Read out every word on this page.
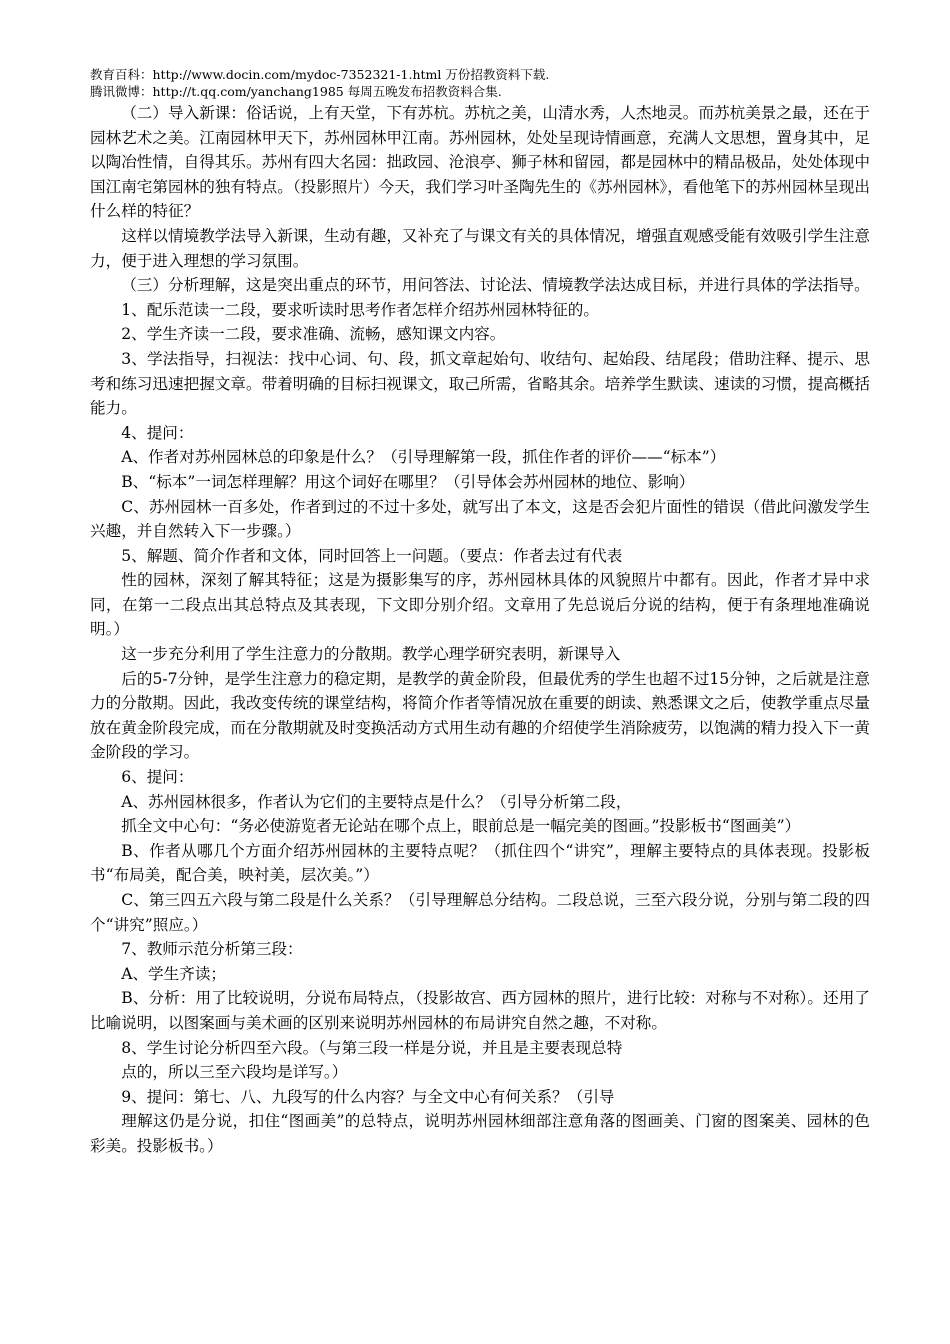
教育百科：http://www.docin.com/mydoc-7352321-1.html 万份招教资料下载.
腾讯微博：http://t.qq.com/yanchang1985 每周五晚发布招教资料合集.

（二）导入新课：俗话说，上有天堂，下有苏杭。苏杭之美，山清水秀，人杰地灵。而苏杭美景之最，还在于园林艺术之美。江南园林甲天下，苏州园林甲江南。苏州园林，处处呈现诗情画意，充满人文思想，置身其中，足以陶冶性情，自得其乐。苏州有四大名园：拙政园、沧浪亭、狮子林和留园，都是园林中的精品极品，处处体现中国江南宅第园林的独有特点。（投影照片）今天，我们学习叶圣陶先生的《苏州园林》，看他笔下的苏州园林呈现出什么样的特征？

这样以情境教学法导入新课，生动有趣，又补充了与课文有关的具体情况，增强直观感受能有效吸引学生注意力，便于进入理想的学习氛围。

（三）分析理解，这是突出重点的环节，用问答法、讨论法、情境教学法达成目标，并进行具体的学法指导。

1、配乐范读一二段，要求听读时思考作者怎样介绍苏州园林特征的。

2、学生齐读一二段，要求准确、流畅，感知课文内容。

3、学法指导，扫视法：找中心词、句、段，抓文章起始句、收结句、起始段、结尾段；借助注释、提示、思考和练习迅速把握文章。带着明确的目标扫视课文，取己所需，省略其余。培养学生默读、速读的习惯，提高概括能力。

4、提问：

A、作者对苏州园林总的印象是什么？（引导理解第一段，抓住作者的评价——“标本”）

B、“标本”一词怎样理解？用这个词好在哪里？（引导体会苏州园林的地位、影响）

C、苏州园林一百多处，作者到过的不过十多处，就写出了本文，这是否会犯片面性的错误（借此问激发学生兴趣，并自然转入下一步骤。）

5、解题、简介作者和文体，同时回答上一问题。（要点：作者去过有代表

性的园林，深刻了解其特征；这是为摄影集写的序，苏州园林具体的风貌照片中都有。因此，作者才异中求同，在第一二段点出其总特点及其表现，下文即分别介绍。文章用了先总说后分说的结构，便于有条理地准确说明。）

这一步充分利用了学生注意力的分散期。教学心理学研究表明，新课导入

后的5-7分钟，是学生注意力的稳定期，是教学的黄金阶段，但最优秀的学生也超不过15分钟，之后就是注意力的分散期。因此，我改变传统的课堂结构，将简介作者等情况放在重要的朗读、熟悉课文之后，使教学重点尽量放在黄金阶段完成，而在分散期就及时变换活动方式用生动有趣的介绍使学生消除疲劳，以饱满的精力投入下一黄金阶段的学习。

6、提问：

A、苏州园林很多，作者认为它们的主要特点是什么？（引导分析第二段，

抓全文中心句：“务必使游览者无论站在哪个点上，眼前总是一幅完美的图画。”投影板书“图画美”）

B、作者从哪几个方面介绍苏州园林的主要特点呢？（抓住四个“讲究”，理解主要特点的具体表现。投影板书“布局美，配合美，映衬美，层次美。”）

C、第三四五六段与第二段是什么关系？（引导理解总分结构。二段总说，三至六段分说，分别与第二段的四个“讲究”照应。）

7、教师示范分析第三段：

A、学生齐读；

B、分析：用了比较说明，分说布局特点，（投影故宫、西方园林的照片，进行比较：对称与不对称）。还用了比喻说明，以图案画与美术画的区别来说明苏州园林的布局讲究自然之趣，不对称。

8、学生讨论分析四至六段。（与第三段一样是分说，并且是主要表现总特

点的，所以三至六段均是详写。）

9、提问：第七、八、九段写的什么内容？与全文中心有何关系？（引导

理解这仍是分说，扣住“图画美”的总特点，说明苏州园林细部注意角落的图画美、门窗的图案美、园林的色彩美。投影板书。）
